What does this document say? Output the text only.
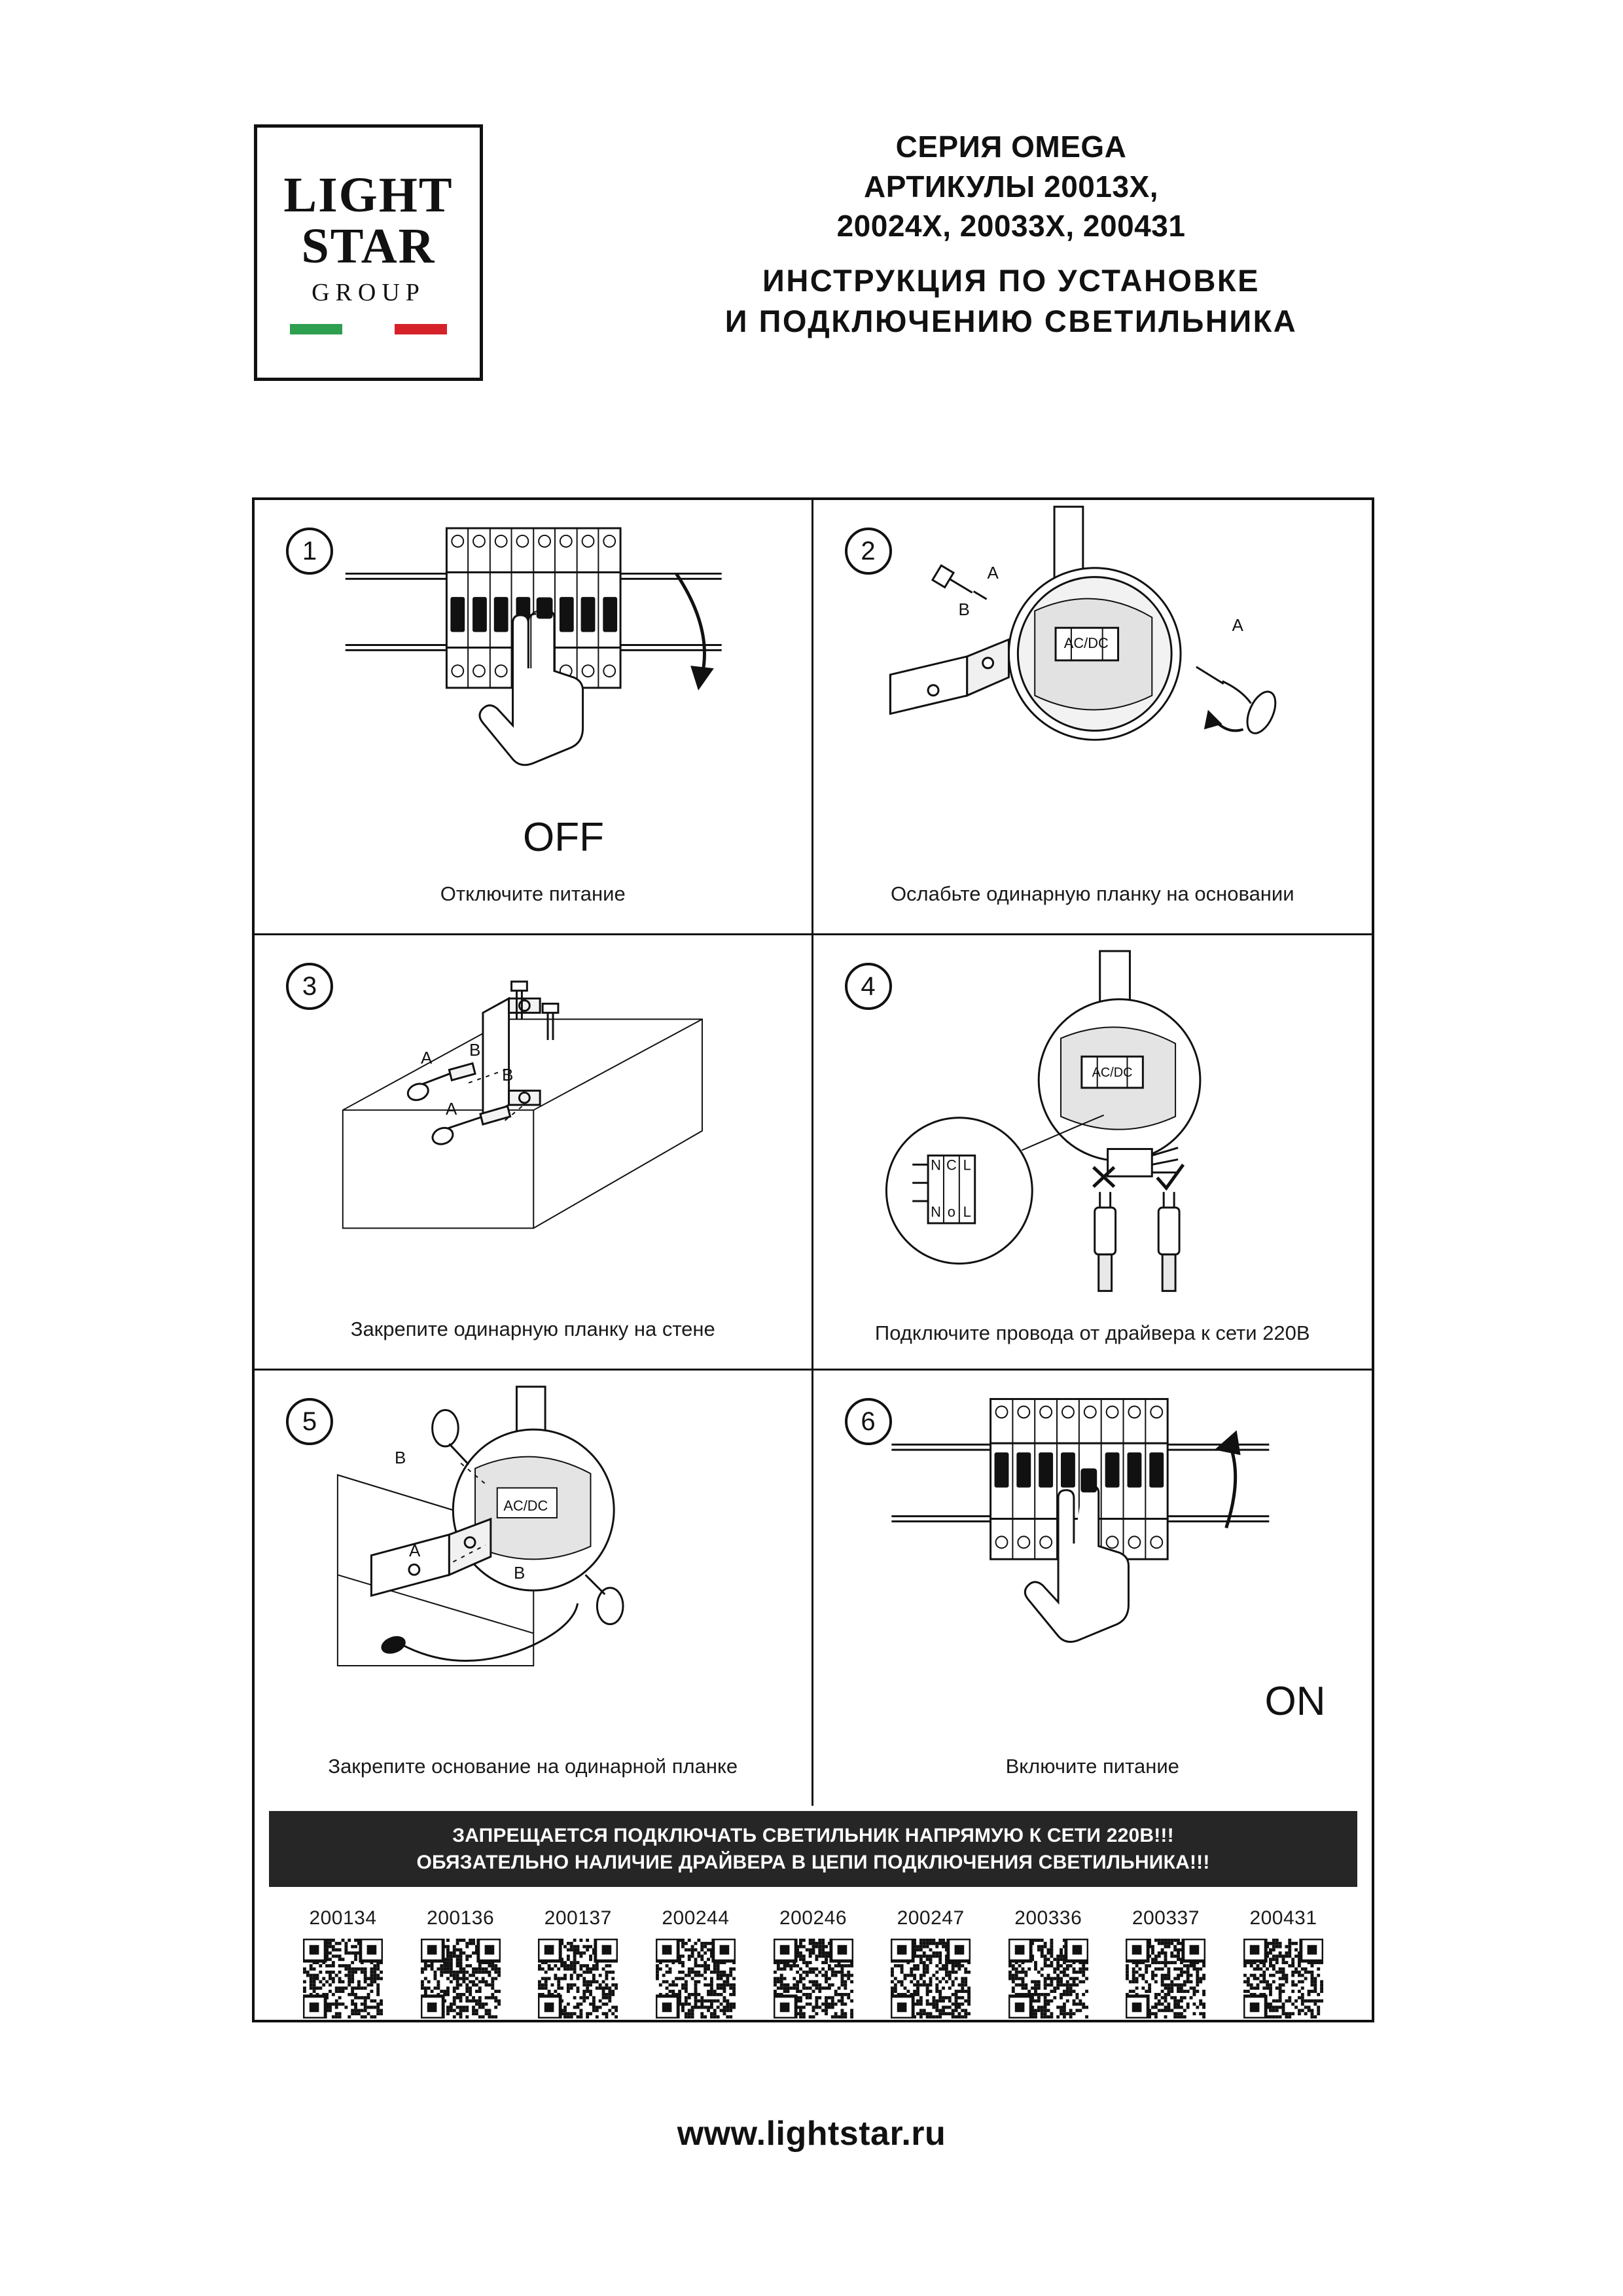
LIGHT
STAR
GROUP
СЕРИЯ OMEGA
АРТИКУЛЫ 20013Х,
20024Х, 20033Х, 200431
ИНСТРУКЦИЯ ПО УСТАНОВКЕ
И ПОДКЛЮЧЕНИЮ СВЕТИЛЬНИКА
1
OFF
Отключите питание
2
AC/DC
A
A
B
Ослабьте одинарную планку на основании
3
A
A
B
B
Закрепите одинарную планку на стене
4
AC/DC
N C L
N o L
Подключите провода от драйвера к сети 220В
5
AC/DC
B
A
B
Закрепите основание на одинарной планке
6
ON
Включите питание
ЗАПРЕЩАЕТСЯ ПОДКЛЮЧАТЬ СВЕТИЛЬНИК НАПРЯМУЮ К СЕТИ 220В!!!
ОБЯЗАТЕЛЬНО НАЛИЧИЕ ДРАЙВЕРА В ЦЕПИ ПОДКЛЮЧЕНИЯ СВЕТИЛЬНИКА!!!
200134	200136	200137	200244	200246	200247	200336	200337	200431
www.lightstar.ru
